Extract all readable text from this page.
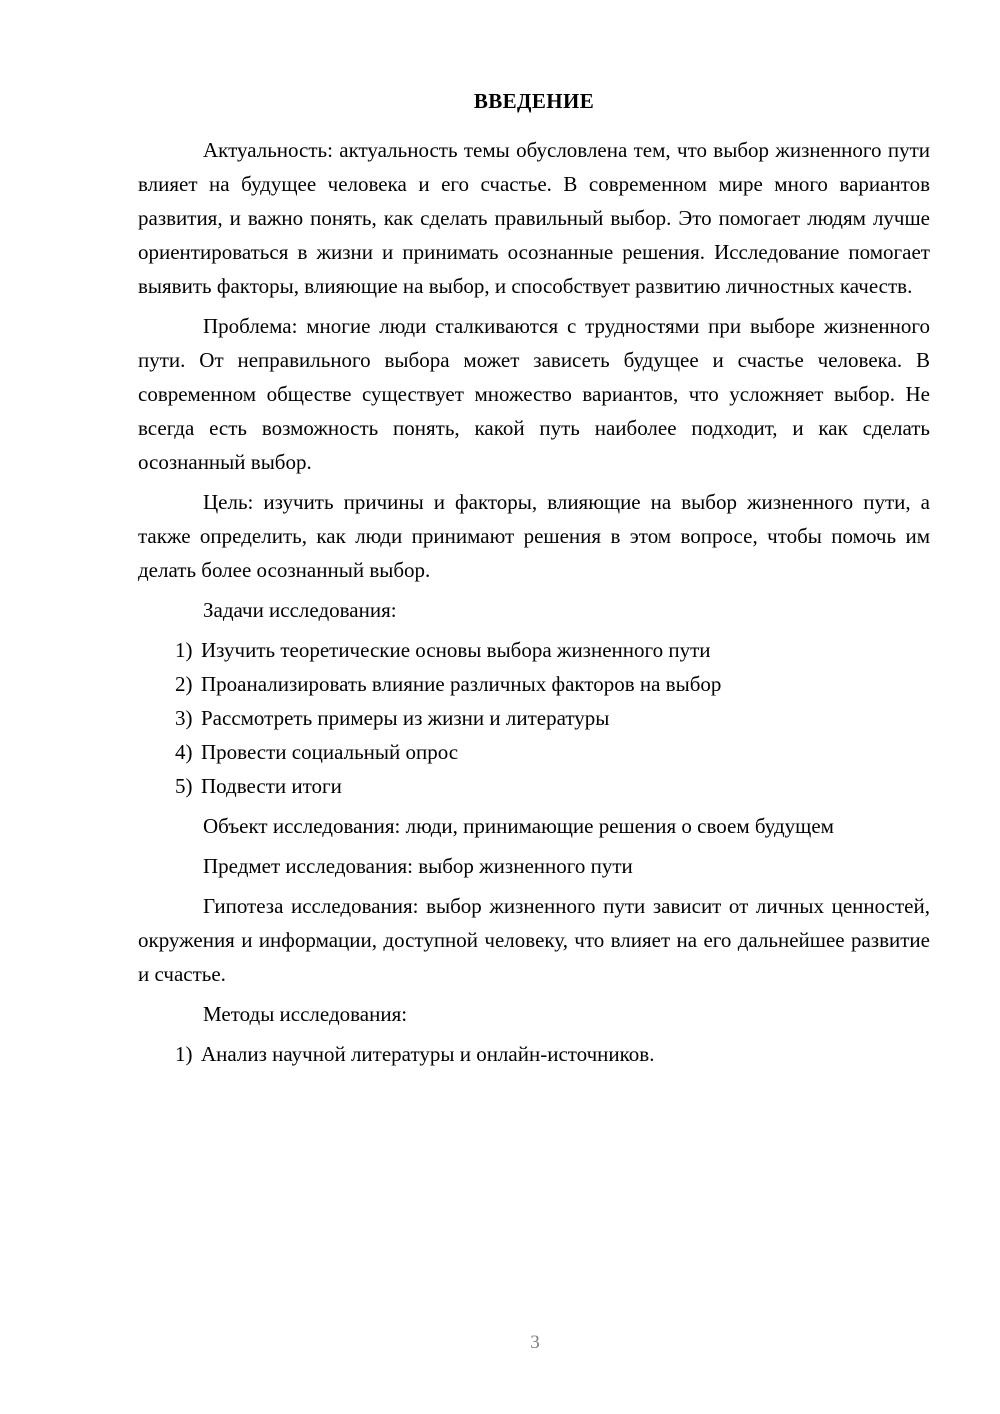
ВВЕДЕНИЕ

Актуальность: актуальность темы обусловлена тем, что выбор жизненного пути влияет на будущее человека и его счастье. В современном мире много вариантов развития, и важно понять, как сделать правильный выбор. Это помогает людям лучше ориентироваться в жизни и принимать осознанные решения. Исследование помогает выявить факторы, влияющие на выбор, и способствует развитию личностных качеств.

Проблема: многие люди сталкиваются с трудностями при выборе жизненного пути. От неправильного выбора может зависеть будущее и счастье человека. В современном обществе существует множество вариантов, что усложняет выбор. Не всегда есть возможность понять, какой путь наиболее подходит, и как сделать осознанный выбор.

Цель: изучить причины и факторы, влияющие на выбор жизненного пути, а также определить, как люди принимают решения в этом вопросе, чтобы помочь им делать более осознанный выбор.

Задачи исследования:

1) Изучить теоретические основы выбора жизненного пути
2) Проанализировать влияние различных факторов на выбор
3) Рассмотреть примеры из жизни и литературы
4) Провести социальный опрос
5) Подвести итоги

Объект исследования: люди, принимающие решения о своем будущем

Предмет исследования: выбор жизненного пути

Гипотеза исследования: выбор жизненного пути зависит от личных ценностей, окружения и информации, доступной человеку, что влияет на его дальнейшее развитие и счастье.

Методы исследования:

1) Анализ научной литературы и онлайн-источников.
3
